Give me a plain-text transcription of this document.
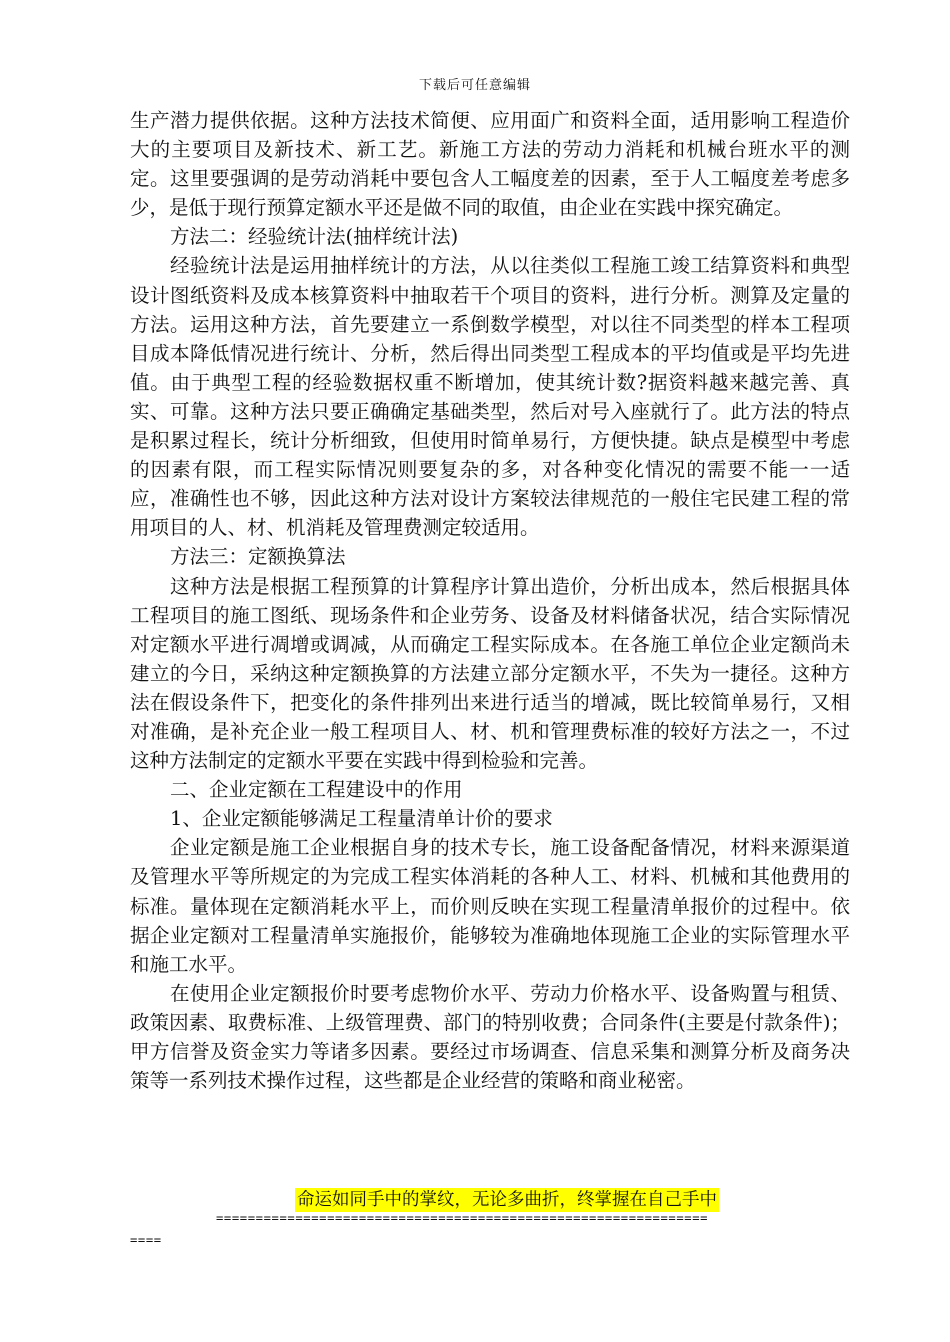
下载后可任意编辑

生产潜力提供依据。这种方法技术简便、应用面广和资料全面，适用影响工程造价大的主要项目及新技术、新工艺。新施工方法的劳动力消耗和机械台班水平的测定。这里要强调的是劳动消耗中要包含人工幅度差的因素，至于人工幅度差考虑多少，是低于现行预算定额水平还是做不同的取值，由企业在实践中探究确定。

方法二：经验统计法(抽样统计法)

经验统计法是运用抽样统计的方法，从以往类似工程施工竣工结算资料和典型设计图纸资料及成本核算资料中抽取若干个项目的资料，进行分析。测算及定量的方法。运用这种方法，首先要建立一系倒数学模型，对以往不同类型的样本工程项目成本降低情况进行统计、分析，然后得出同类型工程成本的平均值或是平均先进值。由于典型工程的经验数据权重不断增加，使其统计数?据资料越来越完善、真实、可靠。这种方法只要正确确定基础类型，然后对号入座就行了。此方法的特点是积累过程长，统计分析细致，但使用时简单易行，方便快捷。缺点是模型中考虑的因素有限，而工程实际情况则要复杂的多，对各种变化情况的需要不能一一适应，准确性也不够，因此这种方法对设计方案较法律规范的一般住宅民建工程的常用项目的人、材、机消耗及管理费测定较适用。

方法三：定额换算法

这种方法是根据工程预算的计算程序计算出造价，分析出成本，然后根据具体工程项目的施工图纸、现场条件和企业劳务、设备及材料储备状况，结合实际情况对定额水平进行凋增或调减，从而确定工程实际成本。在各施工单位企业定额尚未建立的今日，采纳这种定额换算的方法建立部分定额水平，不失为一捷径。这种方法在假设条件下，把变化的条件排列出来进行适当的增减，既比较简单易行，又相对准确，是补充企业一般工程项目人、材、机和管理费标准的较好方法之一，不过这种方法制定的定额水平要在实践中得到检验和完善。

二、企业定额在工程建设中的作用

1、企业定额能够满足工程量清单计价的要求

企业定额是施工企业根据自身的技术专长，施工设备配备情况，材料来源渠道及管理水平等所规定的为完成工程实体消耗的各种人工、材料、机械和其他费用的标准。量体现在定额消耗水平上，而价则反映在实现工程量清单报价的过程中。依据企业定额对工程量清单实施报价，能够较为准确地体现施工企业的实际管理水平和施工水平。

在使用企业定额报价时要考虑物价水平、劳动力价格水平、设备购置与租赁、政策因素、取费标准、上级管理费、部门的特别收费；合同条件(主要是付款条件)；甲方信誉及资金实力等诸多因素。要经过市场调查、信息采集和测算分析及商务决策等一系列技术操作过程，这些都是企业经营的策略和商业秘密。

命运如同手中的掌纹，无论多曲折，终掌握在自己手中
==============================================================
====
